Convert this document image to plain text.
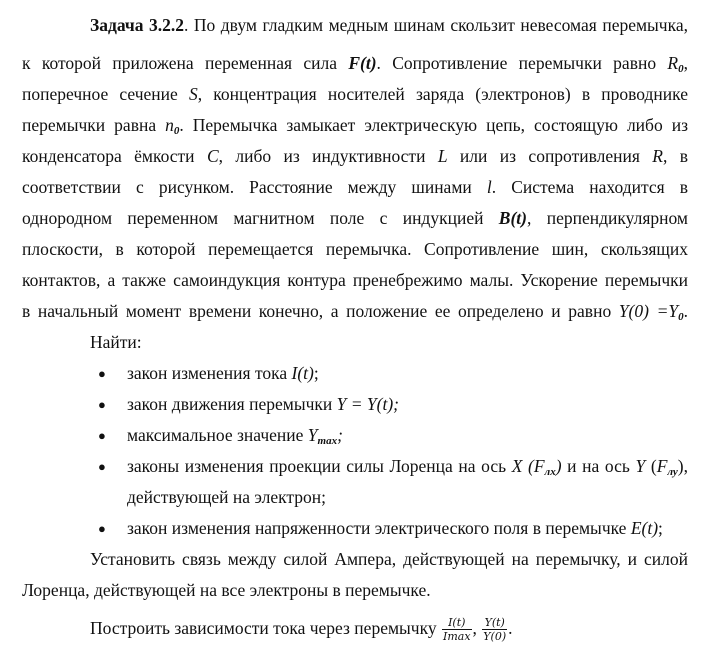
Задача 3.2.2. По двум гладким медным шинам скользит невесомая перемычка,
к которой приложена переменная сила F(t). Сопротивление перемычки равно $R_0$,
поперечное сечение S, концентрация носителей заряда (электронов) в проводнике
перемычки равна $n_0$. Перемычка замыкает электрическую цепь, состоящую либо из
конденсатора ёмкости C, либо из индуктивности L или из сопротивления R, в
соответствии с рисунком. Расстояние между шинами l. Система находится в
однородном переменном магнитном поле с индукцией B(t), перпендикулярном
плоскости, в которой перемещается перемычка. Сопротивление шин, скользящих
контактов, а также самоиндукция контура пренебрежимо малы. Ускорение перемычки
в начальный момент времени конечно, а положение ее определено и равно $Y(0) =Y_0$.
Найти:
● закон изменения тока I(t);
● закон движения перемычки Y = Y(t);
● максимальное значение $Y_{max}$;
● законы изменения проекции силы Лоренца на ось X $(F_{лх})$ и на ось Y $(F_{лу})$,
действующей на электрон;
● закон изменения напряженности электрического поля в перемычке E(t);
Установить связь между силой Ампера, действующей на перемычку, и силой
Лоренца, действующей на все электроны в перемычке.
Построить зависимости тока через перемычку $\frac{I(t)}{Imax}$ , $\frac{Y(t)}{Y(0)}$ .
